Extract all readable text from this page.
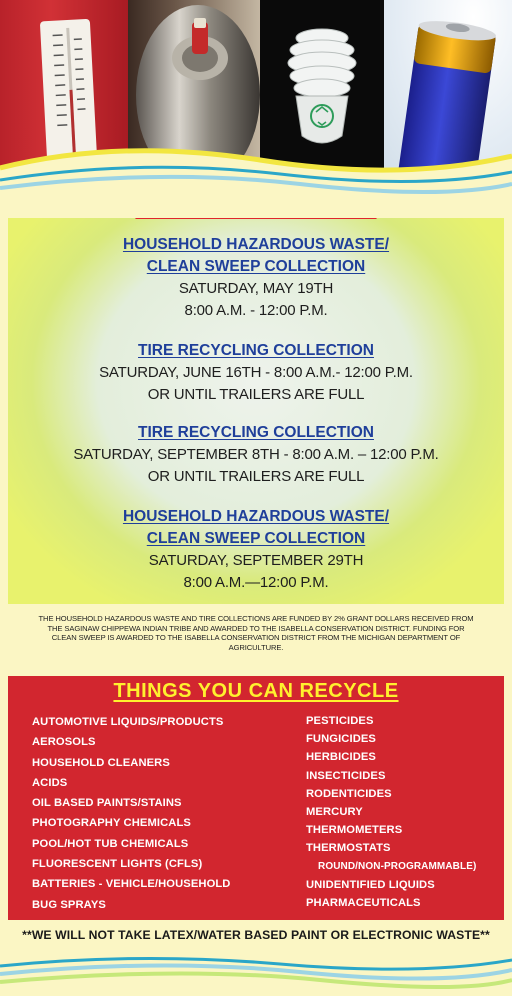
HOUSEHOLD HAZARDOUS WASTE/
CLEAN SWEEP COLLECTION
SATURDAY, MAY 19TH
8:00 A.M. - 12:00 P.M.
TIRE RECYCLING COLLECTION
SATURDAY, JUNE 16TH - 8:00 A.M.- 12:00 P.M.
OR UNTIL TRAILERS ARE FULL
TIRE RECYCLING COLLECTION
SATURDAY, SEPTEMBER 8TH - 8:00 A.M. – 12:00 P.M.
OR UNTIL TRAILERS ARE FULL
HOUSEHOLD HAZARDOUS WASTE/
CLEAN SWEEP COLLECTION
SATURDAY, SEPTEMBER 29TH
8:00 A.M.—12:00 P.M.

THE HOUSEHOLD HAZARDOUS WASTE AND TIRE COLLECTIONS ARE FUNDED BY 2% GRANT DOLLARS RECEIVED FROM THE SAGINAW CHIPPEWA INDIAN TRIBE AND AWARDED TO THE ISABELLA CONSERVATION DISTRICT. FUNDING FOR CLEAN SWEEP IS AWARDED TO THE ISABELLA CONSERVATION DISTRICT FROM THE MICHIGAN DEPARTMENT OF AGRICULTURE.

THINGS YOU CAN RECYCLE
AUTOMOTIVE LIQUIDS/PRODUCTS
AEROSOLS
HOUSEHOLD CLEANERS
ACIDS
OIL BASED PAINTS/STAINS
PHOTOGRAPHY CHEMICALS
POOL/HOT TUB CHEMICALS
FLUORESCENT LIGHTS (CFLS)
BATTERIES - VEHICLE/HOUSEHOLD
BUG SPRAYS
PESTICIDES
FUNGICIDES
HERBICIDES
INSECTICIDES
RODENTICIDES
MERCURY
THERMOMETERS
THERMOSTATS
ROUND/NON-PROGRAMMABLE)
UNIDENTIFIED LIQUIDS
PHARMACEUTICALS
**WE WILL NOT TAKE LATEX/WATER BASED PAINT OR ELECTRONIC WASTE**
